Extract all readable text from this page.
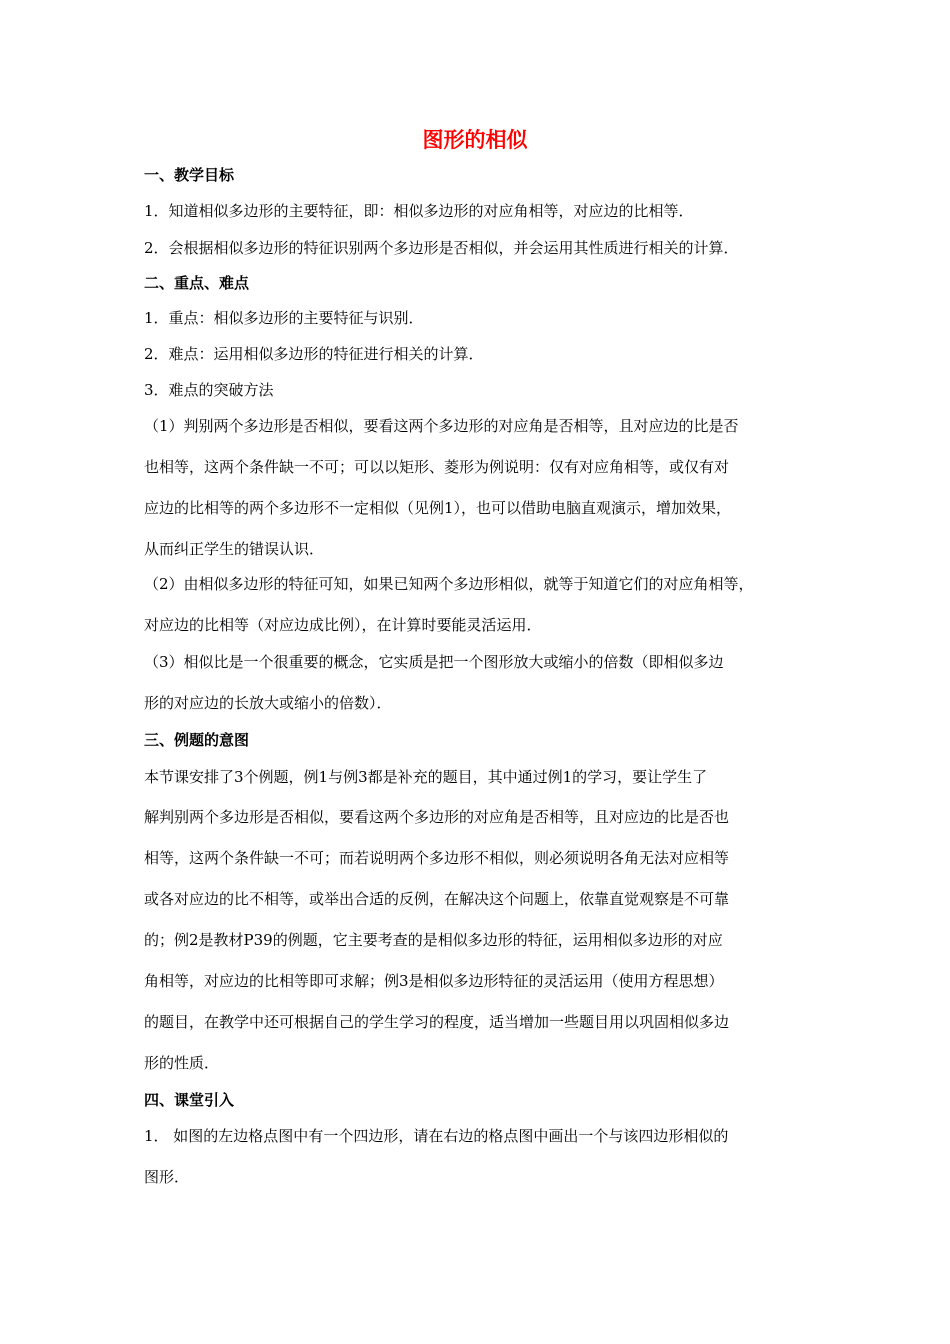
图形的相似
一、教学目标
1．知道相似多边形的主要特征，即：相似多边形的对应角相等，对应边的比相等．
2．会根据相似多边形的特征识别两个多边形是否相似，并会运用其性质进行相关的计算．
二、重点、难点
1．重点：相似多边形的主要特征与识别．
2．难点：运用相似多边形的特征进行相关的计算．
3．难点的突破方法
（1）判别两个多边形是否相似，要看这两个多边形的对应角是否相等，且对应边的比是否
也相等，这两个条件缺一不可；可以以矩形、菱形为例说明：仅有对应角相等，或仅有对
应边的比相等的两个多边形不一定相似（见例1），也可以借助电脑直观演示，增加效果，
从而纠正学生的错误认识．
（2）由相似多边形的特征可知，如果已知两个多边形相似，就等于知道它们的对应角相等，
对应边的比相等（对应边成比例），在计算时要能灵活运用．
（3）相似比是一个很重要的概念，它实质是把一个图形放大或缩小的倍数（即相似多边
形的对应边的长放大或缩小的倍数）．
三、例题的意图
本节课安排了3个例题，例1与例3都是补充的题目，其中通过例1的学习，要让学生了
解判别两个多边形是否相似，要看这两个多边形的对应角是否相等，且对应边的比是否也
相等，这两个条件缺一不可；而若说明两个多边形不相似，则必须说明各角无法对应相等
或各对应边的比不相等，或举出合适的反例，在解决这个问题上，依靠直觉观察是不可靠
的；例2是教材P39的例题，它主要考查的是相似多边形的特征，运用相似多边形的对应
角相等，对应边的比相等即可求解；例3是相似多边形特征的灵活运用（使用方程思想）
的题目，在教学中还可根据自己的学生学习的程度，适当增加一些题目用以巩固相似多边
形的性质．
四、课堂引入
1． 如图的左边格点图中有一个四边形，请在右边的格点图中画出一个与该四边形相似的
图形．
